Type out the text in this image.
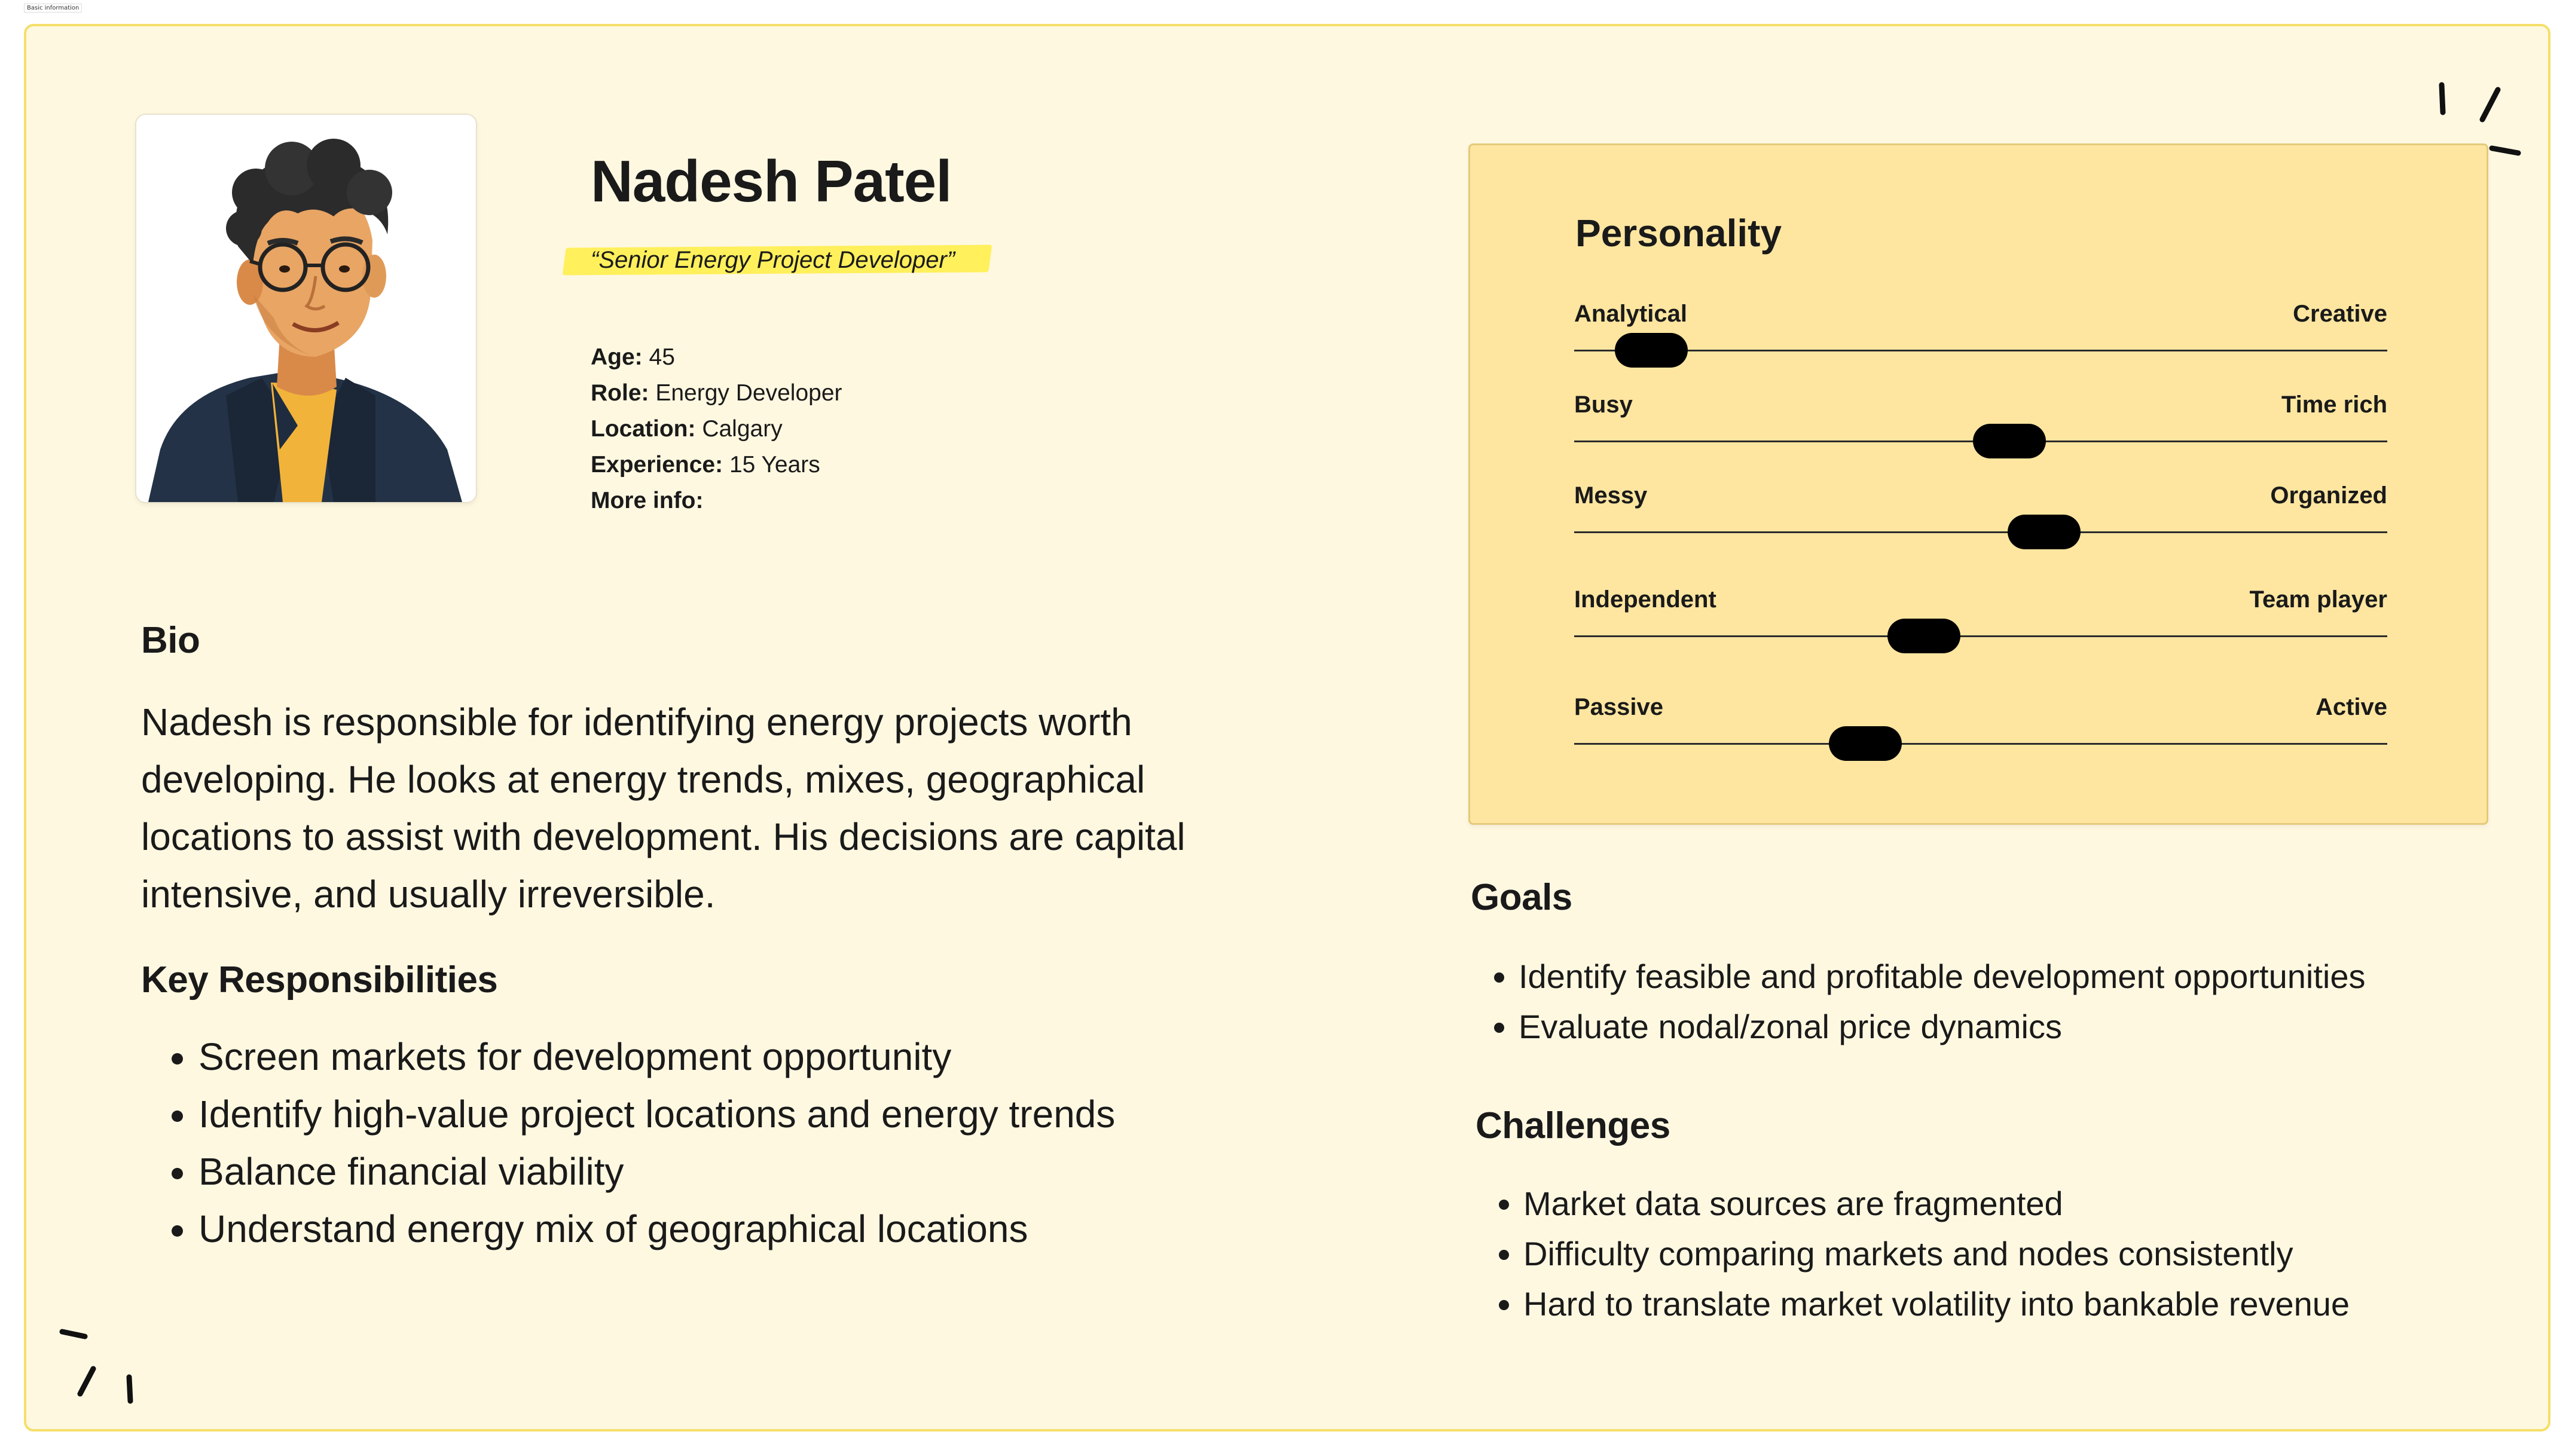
Basic information
Nadesh Patel
“Senior Energy Project Developer”
Age: 45
Role: Energy Developer
Location: Calgary
Experience: 15 Years
More info:
Bio
Nadesh is responsible for identifying energy projects worth developing. He looks at energy trends, mixes, geographical locations to assist with development. His decisions are capital intensive, and usually irreversible.
Key Responsibilities
• Screen markets for development opportunity
• Identify high-value project locations and energy trends
• Balance financial viability
• Understand energy mix of geographical locations
Personality
Analytical	Creative
Busy	Time rich
Messy	Organized
Independent	Team player
Passive	Active
Goals
• Identify feasible and profitable development opportunities
• Evaluate nodal/zonal price dynamics
Challenges
• Market data sources are fragmented
• Difficulty comparing markets and nodes consistently
• Hard to translate market volatility into bankable revenue
